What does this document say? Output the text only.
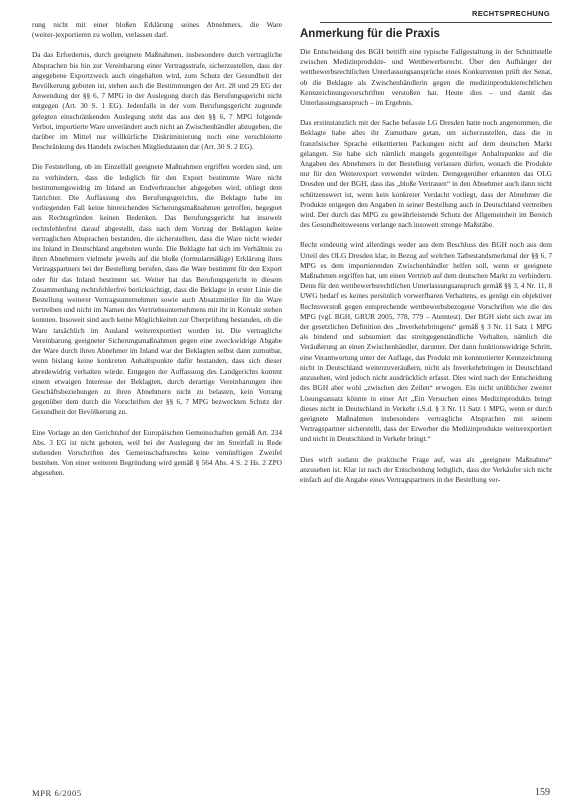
RECHTSPRECHUNG

rung nicht mit einer bloßen Erklärung seines Abnehmers, die Ware (weiter-)exportieren zu wollen, verlassen darf.

Da das Erfordernis, durch geeignete Maßnahmen, insbesondere durch vertragliche Absprachen bis hin zur Vereinbarung einer Vertragsstrafe, sicherzustellen, dass der angegebene Exportzweck auch eingehalten wird, zum Schutz der Gesundheit der Bevölkerung geboten ist, stehen auch die Bestimmungen der Art. 28 und 29 EG der Anwendung der §§ 6, 7 MPG in der Auslegung durch das Berufungsgericht nicht entgegen (Art. 30 S. 1 EG). Jedenfalls in der vom Berufungsgericht zugrunde gelegten einschränkenden Auslegung steht das aus den §§ 6, 7 MPG folgende Verbot, importierte Ware unverändert auch nicht an Zwischenhändler abzugeben, die darüber im Mittel nur willkürliche Diskriminierung noch eine verschleierte Beschränkung des Handels zwischen Mitgliedstaaten dar (Art. 30 S. 2 EG).

Die Feststellung, ob im Einzelfall geeignete Maßnahmen ergriffen worden sind, um zu verhindern, dass die lediglich für den Export bestimmte Ware nicht bestimmungswidrig im Inland an Endverbraucher abgegeben wird, obliegt dem Tatrichter. Die Auffassung des Berufungsgerichts, die Beklagte habe im vorliegenden Fall keine hinreichenden Sicherungsmaßnahmen getroffen, begegnet aus Rechtsgründen keinen Bedenken. Das Berufungsgericht hat insoweit rechtsfehlerfrei darauf abgestellt, dass nach dem Vortrag der Beklagten keine vertraglichen Absprachen bestanden, die sicherstellten, dass die Ware nicht wieder ins Inland in Deutschland angeboten wurde. Die Beklagte hat sich im Verhältnis zu ihren Abnehmern vielmehr jeweils auf die bloße (formularmäßige) Erklärung ihres Vertragspartners bei der Bestellung berufen, dass die Ware bestimmt für den Export oder für das Inland bestimmt sei. Weiter hat das Berufungsgericht in diesem Zusammenhang rechtsfehlerfrei berücksichtigt, dass die Beklagte in erster Linie die Bestellung weiterer Vertragsunternehmen sowie auch Absatzmittler für die Ware vertreiben und nicht im Namen des Vertriebsunternehmens mit ihr in Kontakt stehen konnten. Insoweit sind auch keine Möglichkeiten zur Überprüfung bestanden, ob die Ware tatsächlich im Ausland weiterexportiert worden ist. Die vertragliche Vereinbarung geeigneter Sicherungsmaßnahmen gegen eine zweckwidrige Abgabe der Ware durch ihren Abnehmer im Inland war der Beklagten selbst dann zumutbar, wenn bislang keine konkreten Anhaltspunkte dafür bestanden, dass sich dieser abredewidrig verhalten würde. Entgegen der Auffassung des Landgerichts kommt einem etwaigen Interesse der Beklagten, durch derartige Vereinbarungen ihre Geschäftsbeziehungen zu ihren Abnehmern nicht zu belasten, kein Vorrang gegenüber dem durch die Vorschriften der §§ 6, 7 MPG bezweckten Schutz der Gesundheit der Bevölkerung zu.

Eine Vorlage an den Gerichtshof der Europäischen Gemeinschaften gemäß Art. 234 Abs. 3 EG ist nicht geboten, weil bei der Auslegung der im Streitfall in Rede stehenden Vorschriften des Gemeinschaftsrechts keine vernünftigen Zweifel bestehen. Von einer weiteren Begründung wird gemäß § 564 Abs. 4 S. 2 Hs. 2 ZPO abgesehen.

Anmerkung für die Praxis

Die Entscheidung des BGH betrifft eine typische Fallgestaltung in der Schnittstelle zwischen Medizinprodukte- und Wettbewerbsrecht. Über den Aufhänger der wettbewerbsrechtlichen Unterlassungsansprüche eines Konkurrenten prüft der Senat, ob die Beklagte als Zwischenhändlerin gegen die medizinprodukterechtlichen Kennzeichnungsvorschriften verstoßen hat. Heute dies – und damit das Unterlassungsanspruch – im Ergebnis.

Das erstinstanzlich mit der Sache befasste LG Dresden hatte noch angenommen, die Beklagte habe alles ihr Zumutbare getan, um sicherzustellen, dass die in französischer Sprache etikettierten Packungen nicht auf dem deutschen Markt gelangen. Sie habe sich nämlich mangels gegenteiliger Anhaltspunkte auf die Angaben des Abnehmers in der Bestellung verlassen dürfen, wonach die Produkte nur für den Weiterexport verwendet würden. Demgegenüber erkannten das OLG Dresden und der BGH, dass das „bloße Vertrauen“ in den Abnehmer auch dann nicht schützenswert ist, wenn kein konkreter Verdacht vorliegt, dass der Abnehmer die Produkte entgegen den Angaben in seiner Bestellung auch in Deutschland vertreiben wird. Der durch das MPG zu gewährleistende Schutz der Allgemeinheit im Bereich des Gesundheitswesens verlange nach insoweit strenge Maßstäbe.

Recht eindeutig wird allerdings weder aus dem Beschluss des BGH noch aus dem Urteil des OLG Dresden klar, in Bezug auf welchen Tatbestandsmerkmal der §§ 6, 7 MPG es dem importierenden Zwischenhändler helfen soll, wenn er geeignete Maßnahmen ergriffen hat, um einen Vertrieb auf dem deutschen Markt zu verhindern. Denn für den wettbewerbsrechtlichen Unterlassungsanspruch gemäß §§ 3, 4 Nr. 11, 8 UWG bedarf es keines persönlich vorwerfbaren Verhaltens, es genügt ein objektiver Rechtsverstoß gegen entsprechende wettbewerbsbezogene Vorschriften wie die des MPG (vgl. BGH, GRUR 2005, 778, 779 – Atemtest). Der BGH sieht sich zwar im der gesetzlichen Definition des „Inverkehrbringens“ gemäß § 3 Nr. 11 Satz 1 MPG als bindend und subsumiert das streitgegenständliche Verhalten, nämlich die Veräußerung an einen Zwischenhändler, darunter. Der dann funktionswidrige Schritt, eine Verantwortung unter der Auflage, das Produkt mit konnnotierter Kennzeichnung nicht in Deutschland weiterzuveräußern, nicht als Inverkehrbringen in Deutschland anzusehen, wird jedoch nicht ausdrücklich erfasst. Dies wird nach der Entscheidung des BGH aber wohl „zwischen den Zeilen“ erwogen. Ein nicht unüblicher zweiter Lösungsansatz könnte in einer Art „Ein Versuchen eines Medizinprodukts bringt dieses nicht in Deutschland in Verkehr i.S.d. § 3 Nr. 11 Satz 1 MPG, wenn er durch geeignete Maßnahmen insbesondere vertragliche Absprachen mit seinem Vertragspartner sicherstellt, dass der Erwerber die Medizinprodukte weiterexportiert und nicht in Deutschland in Verkehr bringt.“

Dies wirft sodann die praktische Frage auf, was als „geeignete Maßnahme“ anzusehen ist. Klar ist nach der Entscheidung lediglich, dass der Verkäufer sich nicht einfach auf die Angabe eines Vertragspartners in der Bestellung ver-

MPR 6/2005	159
